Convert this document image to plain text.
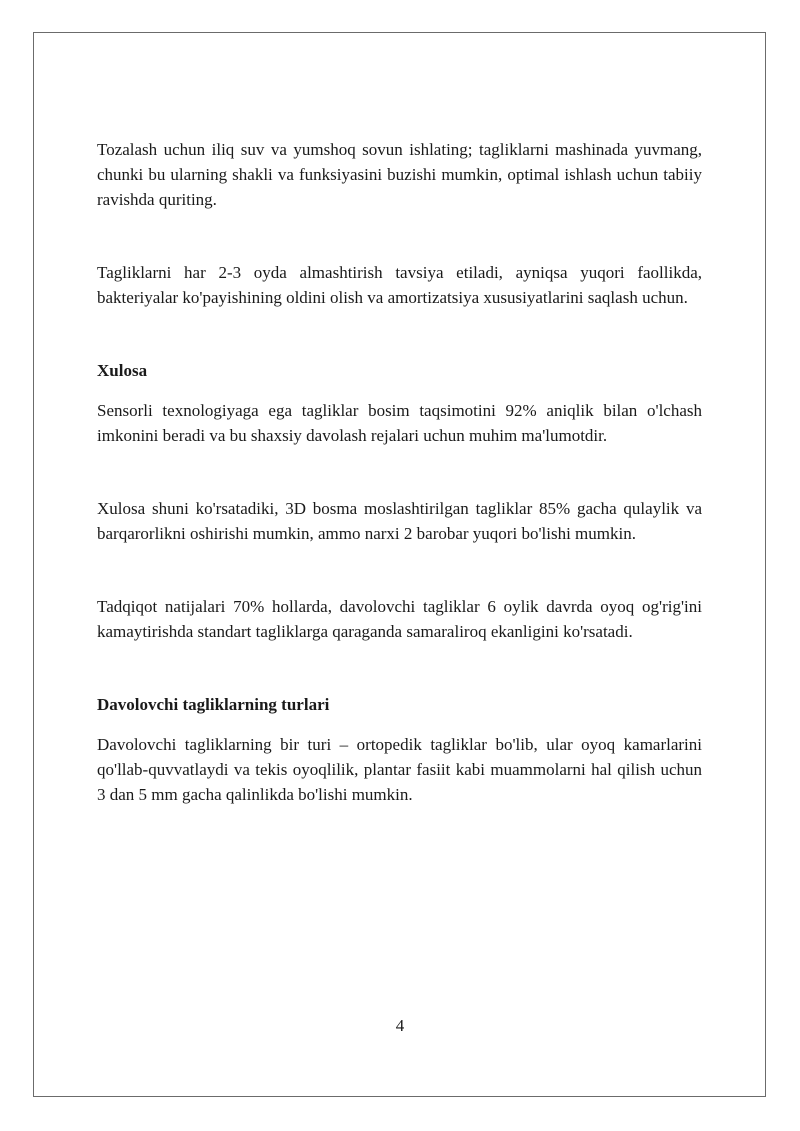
Tozalash uchun iliq suv va yumshoq sovun ishlating; tagliklarni mashinada yuvmang, chunki bu ularning shakli va funksiyasini buzishi mumkin, optimal ishlash uchun tabiiy ravishda quriting.

Tagliklarni har 2-3 oyda almashtirish tavsiya etiladi, ayniqsa yuqori faollikda, bakteriyalar ko'payishining oldini olish va amortizatsiya xususiyatlarini saqlash uchun.

Xulosa

Sensorli texnologiyaga ega tagliklar bosim taqsimotini 92% aniqlik bilan o'lchash imkonini beradi va bu shaxsiy davolash rejalari uchun muhim ma'lumotdir.

Xulosa shuni ko'rsatadiki, 3D bosma moslashtirilgan tagliklar 85% gacha qulaylik va barqarorlikni oshirishi mumkin, ammo narxi 2 barobar yuqori bo'lishi mumkin.

Tadqiqot natijalari 70% hollarda, davolovchi tagliklar 6 oylik davrda oyoq og'rig'ini kamaytirishda standart tagliklarga qaraganda samaraliroq ekanligini ko'rsatadi.

Davolovchi tagliklarning turlari

Davolovchi tagliklarning bir turi – ortopedik tagliklar bo'lib, ular oyoq kamarlarini qo'llab-quvvatlaydi va tekis oyoqlilik, plantar fasiit kabi muammolarni hal qilish uchun 3 dan 5 mm gacha qalinlikda bo'lishi mumkin.

4
